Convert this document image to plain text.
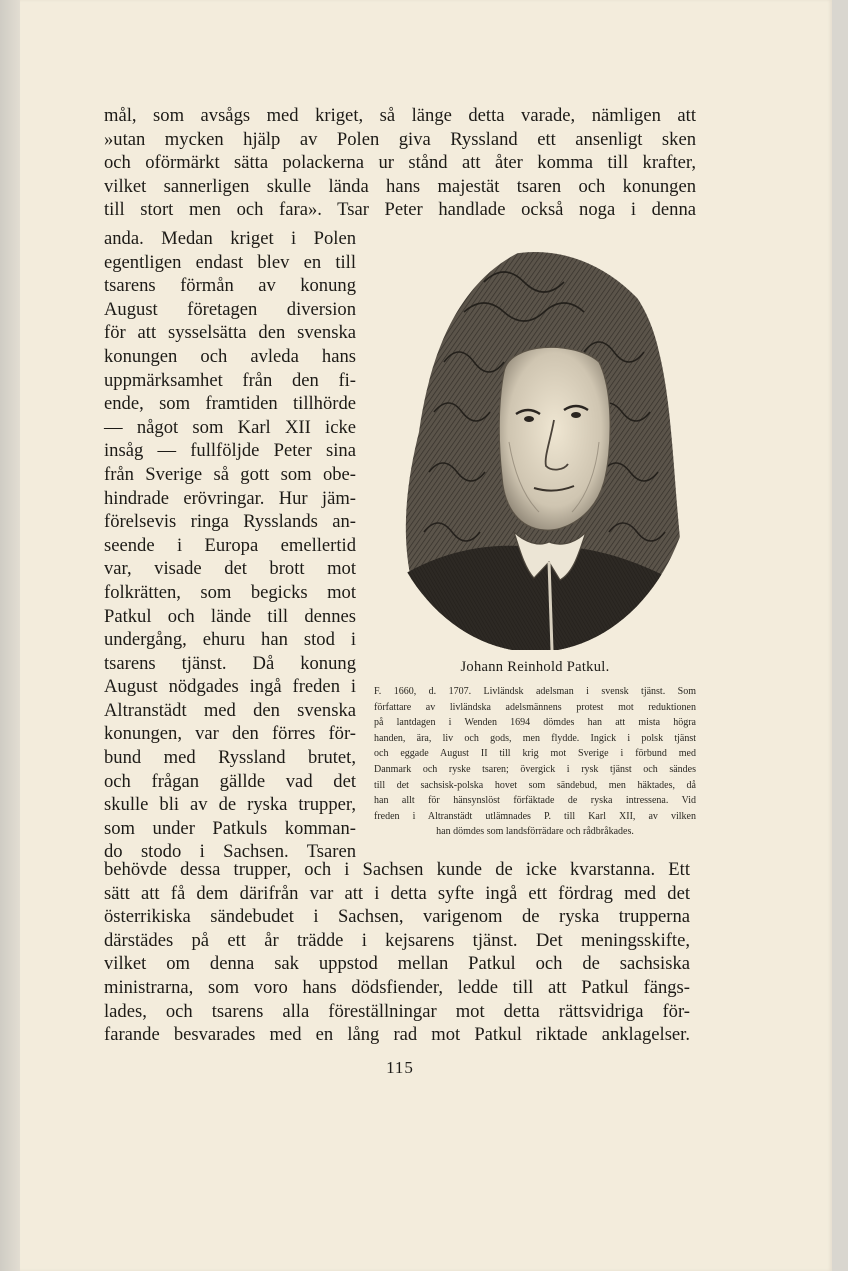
mål, som avsågs med kriget, så länge detta varade, nämligen att
»utan mycken hjälp av Polen giva Ryssland ett ansenligt sken
och oförmärkt sätta polackerna ur stånd att åter komma till krafter,
vilket sannerligen skulle lända hans majestät tsaren och konungen
till stort men och fara». Tsar Peter handlade också noga i denna
anda. Medan kriget i Polen
egentligen endast blev en till
tsarens förmån av konung
August företagen diversion
för att sysselsätta den svenska
konungen och avleda hans
uppmärksamhet från den fi-
ende, som framtiden tillhörde
— något som Karl XII icke
insåg — fullföljde Peter sina
från Sverige så gott som obe-
hindrade erövringar. Hur jäm-
förelsevis ringa Rysslands an-
seende i Europa emellertid
var, visade det brott mot
folkrätten, som begicks mot
Patkul och lände till dennes
undergång, ehuru han stod i
tsarens tjänst. Då konung
August nödgades ingå freden i
Altranstädt med den svenska
konungen, var den förres för-
bund med Ryssland brutet,
och frågan gällde vad det
skulle bli av de ryska trupper,
som under Patkuls komman-
do stodo i Sachsen. Tsaren
Johann Reinhold Patkul.
F. 1660, d. 1707. Livländsk adelsman i svensk tjänst. Som
författare av livländska adelsmännens protest mot reduktionen
på lantdagen i Wenden 1694 dömdes han att mista högra
handen, ära, liv och gods, men flydde. Ingick i polsk tjänst
och eggade August II till krig mot Sverige i förbund med
Danmark och ryske tsaren; övergick i rysk tjänst och sändes
till det sachsisk-polska hovet som sändebud, men häktades, då
han allt för hänsynslöst förfäktade de ryska intressena. Vid
freden i Altranstädt utlämnades P. till Karl XII, av vilken
han dömdes som landsförrädare och rådbråkades.
behövde dessa trupper, och i Sachsen kunde de icke kvarstanna. Ett
sätt att få dem därifrån var att i detta syfte ingå ett fördrag med det
österrikiska sändebudet i Sachsen, varigenom de ryska trupperna
därstädes på ett år trädde i kejsarens tjänst. Det meningsskifte,
vilket om denna sak uppstod mellan Patkul och de sachsiska
ministrarna, som voro hans dödsfiender, ledde till att Patkul fängs-
lades, och tsarens alla föreställningar mot detta rättsvidriga för-
farande besvarades med en lång rad mot Patkul riktade anklagelser.
115
